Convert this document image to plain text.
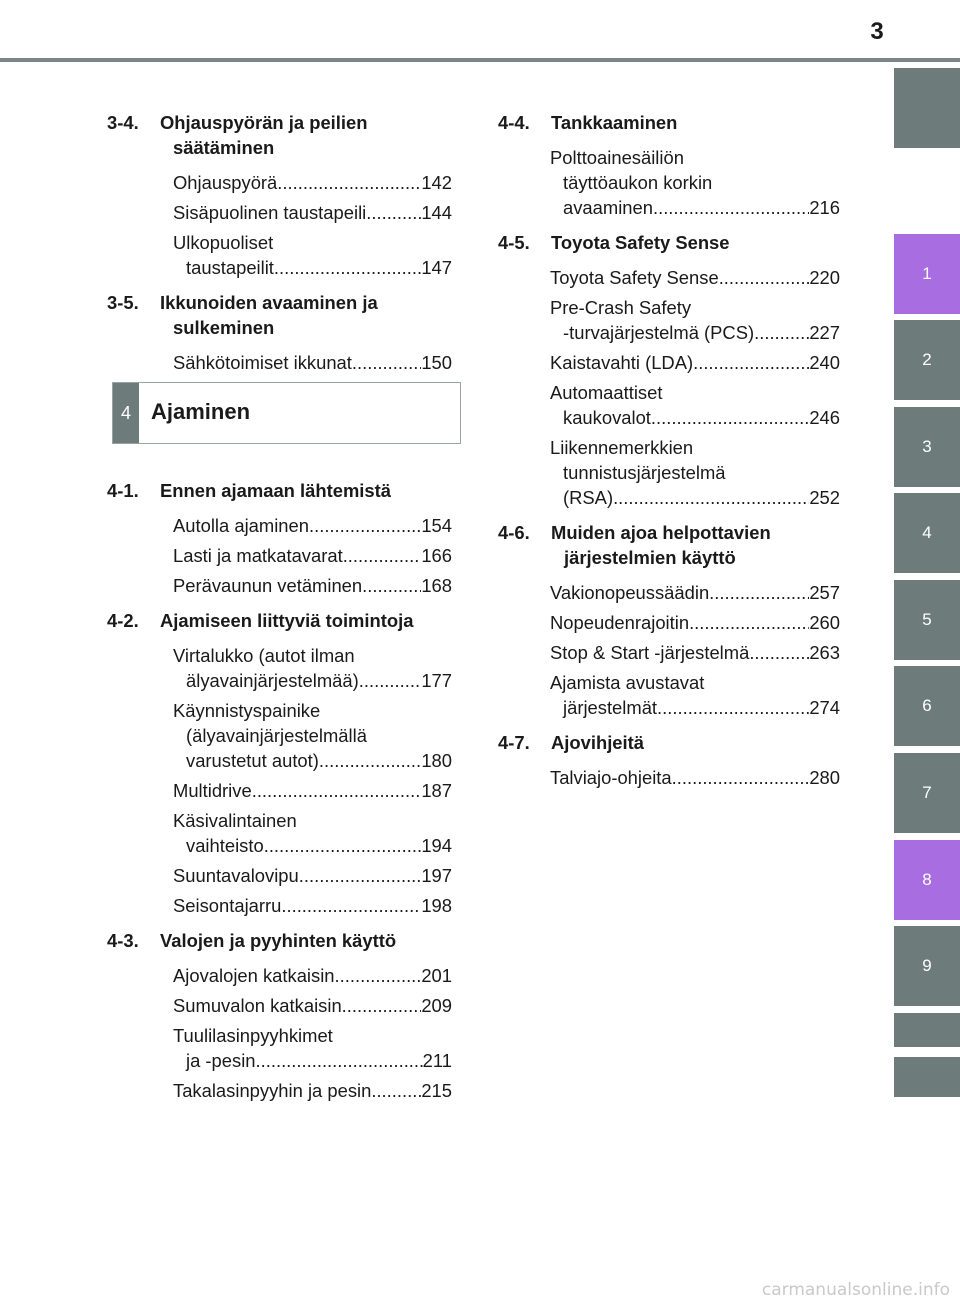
3
1
2
3
4
5
6
7
8
9
3-4.	Ohjauspyörän ja peilien säätäminen
Ohjauspyörä .....	142
Sisäpuolinen taustapeili .....	144
Ulkopuoliset
taustapeilit .....	147
3-5.	Ikkunoiden avaaminen ja sulkeminen
Sähkötoimiset ikkunat .....	150
4-1.	Ennen ajamaan lähtemistä
Autolla ajaminen .....	154
Lasti ja matkatavarat .....	166
Perävaunun vetäminen .....	168
4-2.	Ajamiseen liittyviä toimintoja
Virtalukko (autot ilman
älyavainjärjestelmää) .....	177
Käynnistyspainike
(älyavainjärjestelmällä
varustetut autot) .....	180
Multidrive .....	187
Käsivalintainen
vaihteisto .....	194
Suuntavalovipu .....	197
Seisontajarru .....	198
4-3.	Valojen ja pyyhinten käyttö
Ajovalojen katkaisin .....	201
Sumuvalon katkaisin .....	209
Tuulilasinpyyhkimet
ja -pesin .....	211
Takalasinpyyhin ja pesin .....	215
4 Ajaminen
4-4.	Tankkaaminen
Polttoainesäiliön
täyttöaukon korkin
avaaminen .....	216
4-5.	Toyota Safety Sense
Toyota Safety Sense .....	220
Pre-Crash Safety
-turvajärjestelmä (PCS) .....	227
Kaistavahti (LDA) .....	240
Automaattiset
kaukovalot .....	246
Liikennemerkkien
tunnistusjärjestelmä
(RSA) .....	252
4-6.	Muiden ajoa helpottavien järjestelmien käyttö
Vakionopeussäädin .....	257
Nopeudenrajoitin .....	260
Stop & Start -järjestelmä .....	263
Ajamista avustavat
järjestelmät .....	274
4-7.	Ajovihjeitä
Talviajo-ohjeita .....	280
carmanualsonline.info
